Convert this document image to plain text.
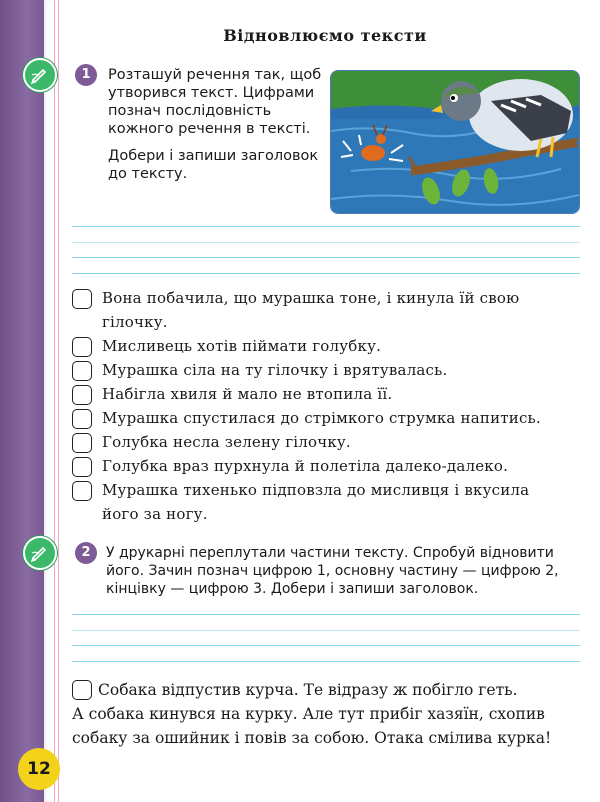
Відновлюємо тексти
1	Розташуй речення так, щоб
утворився текст. Цифрами
познач послідовність
кожного речення в тексті.
Добери і запиши заголовок
до тексту.
Вона побачила, що мурашка тоне, і кинула їй свою
гілочку.
Мисливець хотів піймати голубку.
Мурашка сіла на ту гілочку і врятувалась.
Набігла хвиля й мало не втопила її.
Мурашка спустилася до стрімкого струмка напитись.
Голубка несла зелену гілочку.
Голубка враз пурхнула й полетіла далеко-далеко.
Мурашка тихенько підповзла до мисливця і вкусила
його за ногу.
2	У друкарні переплутали частини тексту. Спробуй відновити
його. Зачин познач цифрою 1, основну частину — цифрою 2,
кінцівку — цифрою 3. Добери і запиши заголовок.
Собака відпустив курча. Те відразу ж побігло геть.
А собака кинувся на курку. Але тут прибіг хазяїн, схопив
собаку за ошийник і повів за собою. Отака смілива курка!
12
